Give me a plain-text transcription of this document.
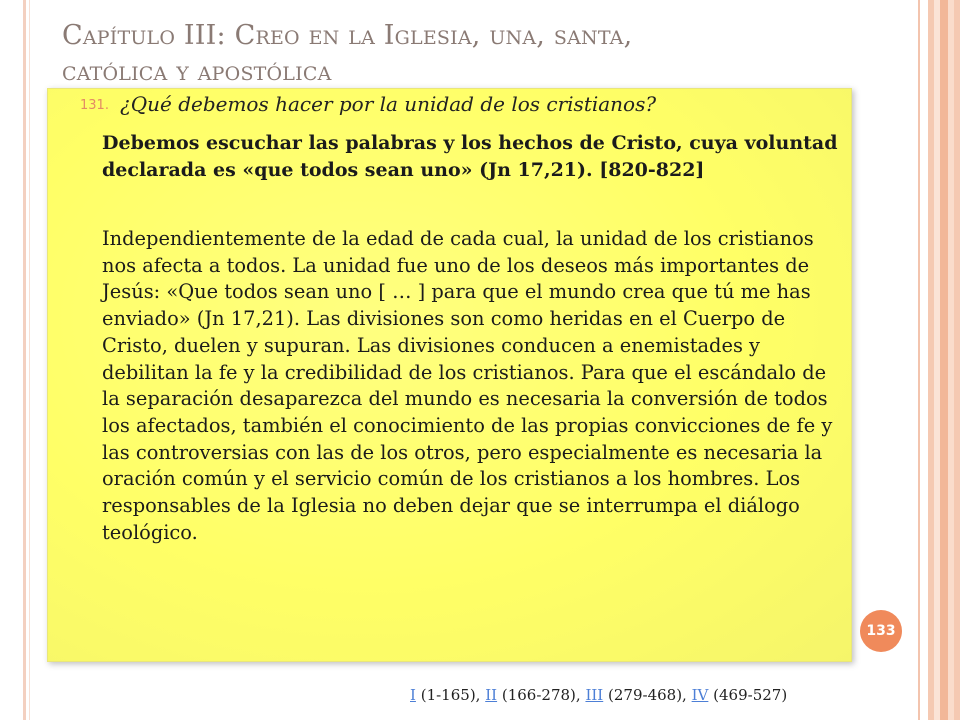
Capítulo III: Creo en la Iglesia, una, santa,
católica y apostólica
131. ¿Qué debemos hacer por la unidad de los cristianos?

Debemos escuchar las palabras y los hechos de Cristo, cuya voluntad declarada es «que todos sean uno» (Jn 17,21). [820-822]

Independientemente de la edad de cada cual, la unidad de los cristianos nos afecta a todos. La unidad fue uno de los deseos más importantes de Jesús: «Que todos sean uno [ … ] para que el mundo crea que tú me has enviado» (Jn 17,21). Las divisiones son como heridas en el Cuerpo de Cristo, duelen y supuran. Las divisiones conducen a enemistades y debilitan la fe y la credibilidad de los cristianos. Para que el escándalo de la separación desaparezca del mundo es necesaria la conversión de todos los afectados, también el conocimiento de las propias convicciones de fe y las controversias con las de los otros, pero especialmente es necesaria la oración común y el servicio común de los cristianos a los hombres. Los responsables de la Iglesia no deben dejar que se interrumpa el diálogo teológico.

133
I (1-165), II (166-278), III (279-468), IV (469-527)
